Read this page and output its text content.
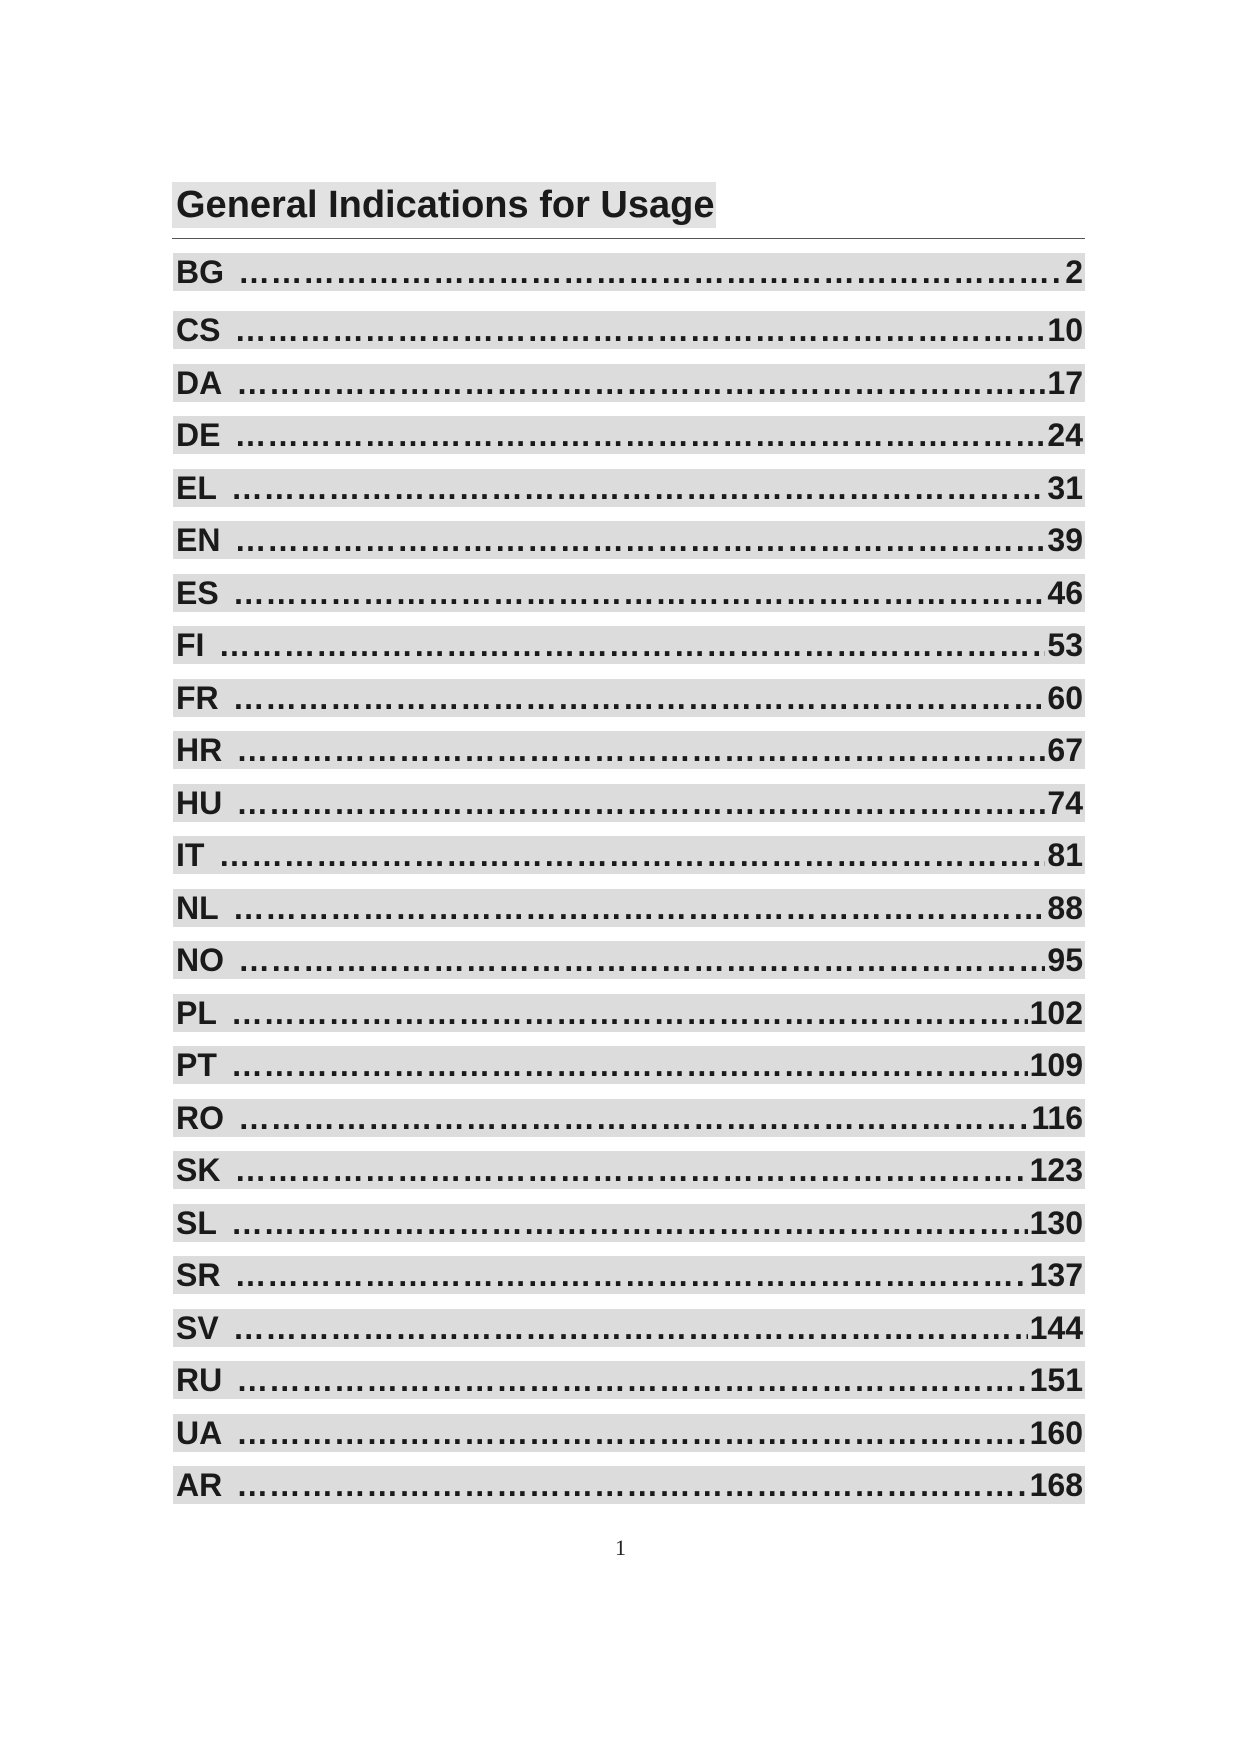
General Indications for Usage
BG ……………………………………………………………………………………………………………………………………………………	2
CS ……………………………………………………………………………………………………………………………………………………	10
DA ……………………………………………………………………………………………………………………………………………………	17
DE ……………………………………………………………………………………………………………………………………………………	24
EL ……………………………………………………………………………………………………………………………………………………	31
EN ……………………………………………………………………………………………………………………………………………………	39
ES ……………………………………………………………………………………………………………………………………………………	46
FI ……………………………………………………………………………………………………………………………………………………	53
FR ……………………………………………………………………………………………………………………………………………………	60
HR ……………………………………………………………………………………………………………………………………………………	67
HU ……………………………………………………………………………………………………………………………………………………	74
IT ……………………………………………………………………………………………………………………………………………………	81
NL ……………………………………………………………………………………………………………………………………………………	88
NO ……………………………………………………………………………………………………………………………………………………	95
PL ……………………………………………………………………………………………………………………………………………………	102
PT ……………………………………………………………………………………………………………………………………………………	109
RO ……………………………………………………………………………………………………………………………………………………	116
SK ……………………………………………………………………………………………………………………………………………………	123
SL ……………………………………………………………………………………………………………………………………………………	130
SR ……………………………………………………………………………………………………………………………………………………	137
SV ……………………………………………………………………………………………………………………………………………………	144
RU ……………………………………………………………………………………………………………………………………………………	151
UA ……………………………………………………………………………………………………………………………………………………	160
AR ……………………………………………………………………………………………………………………………………………………	168
1
